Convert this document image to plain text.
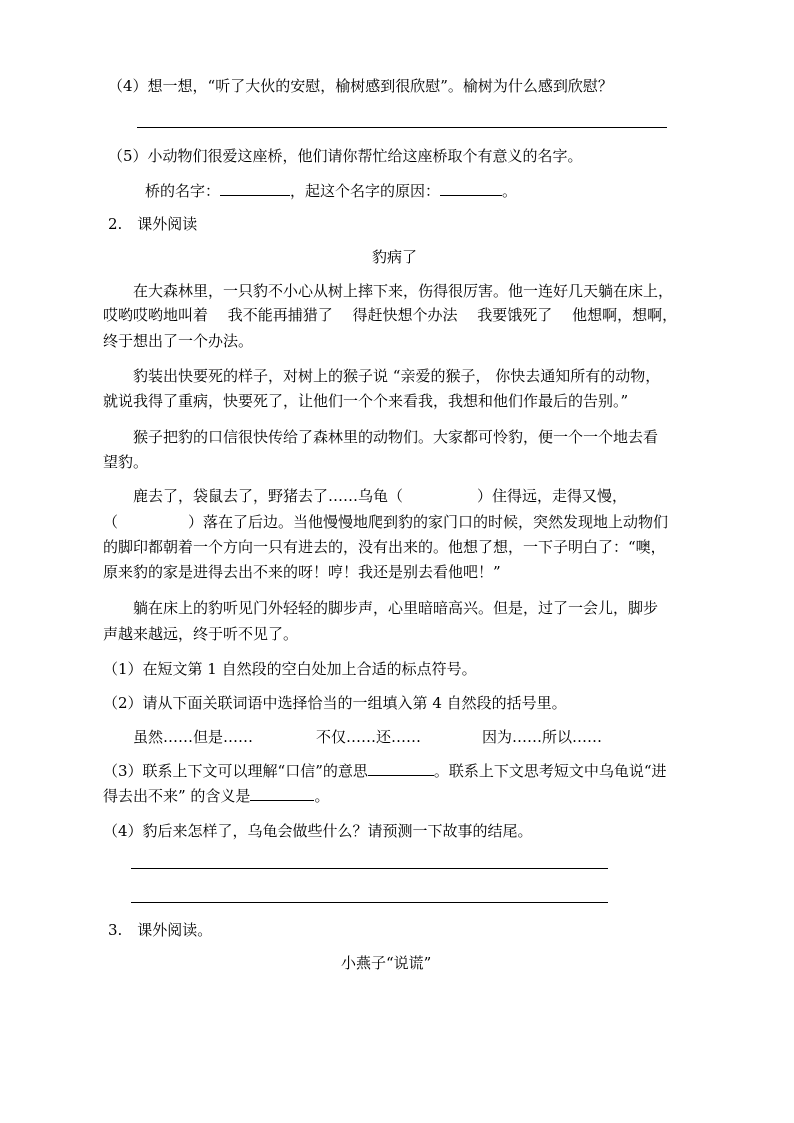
（4）想一想，“听了大伙的安慰，榆树感到很欣慰”。榆树为什么感到欣慰？
（5）小动物们很爱这座桥，他们请你帮忙给这座桥取个有意义的名字。
桥的名字：	，起这个名字的原因：	。
2.　课外阅读
豹病了
在大森林里，一只豹不小心从树上摔下来，伤得很厉害。他一连好几天躺在床上，
哎哟哎哟地叫着　 我不能再捕猎了　 得赶快想个办法　 我要饿死了　 他想啊，想啊，
终于想出了一个办法。
豹装出快要死的样子，对树上的猴子说 “亲爱的猴子， 你快去通知所有的动物，
就说我得了重病，快要死了，让他们一个个来看我，我想和他们作最后的告别。”
猴子把豹的口信很快传给了森林里的动物们。大家都可怜豹，便一个一个地去看
望豹。
鹿去了，袋鼠去了，野猪去了……乌龟（	）住得远，走得又慢，
（	）落在了后边。当他慢慢地爬到豹的家门口的时候，突然发现地上动物们
的脚印都朝着一个方向一只有进去的，没有出来的。他想了想，一下子明白了：“噢，
原来豹的家是进得去出不来的呀！哼！我还是别去看他吧！”
躺在床上的豹听见门外轻轻的脚步声，心里暗暗高兴。但是，过了一会儿，脚步
声越来越远，终于听不见了。
（1）在短文第 1 自然段的空白处加上合适的标点符号。
（2）请从下面关联词语中选择恰当的一组填入第 4 自然段的括号里。
虽然……但是……	不仅……还……	因为……所以……
（3）联系上下文可以理解“口信”的意思	。联系上下文思考短文中乌龟说“进
得去出不来” 的含义是	。
（4）豹后来怎样了，乌龟会做些什么？请预测一下故事的结尾。
3.　课外阅读。
小燕子“说谎”
